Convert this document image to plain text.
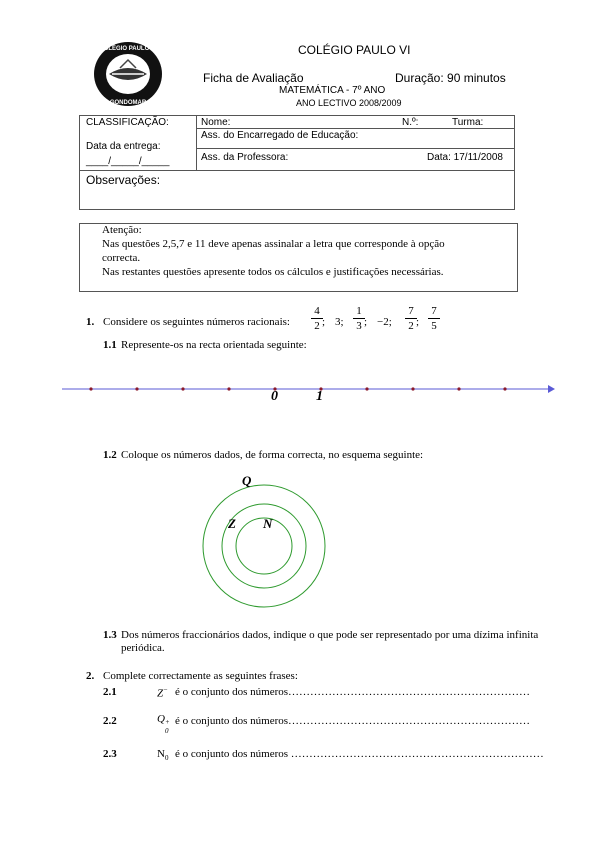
COLÉGIO PAULO VI
GONDOMAR
COLÉGIO PAULO VI
Ficha de Avaliação	Duração: 90 minutos
MATEMÁTICA - 7º ANO
ANO LECTIVO 2008/2009
CLASSIFICAÇÃO:
Data da entrega:
____/_____/_____
Nome:	N.º:	Turma:
Ass. do Encarregado de Educação:
Ass. da Professora:	Data: 17/11/2008
Observações:
Atenção:
Nas questões 2,5,7 e 11 deve apenas assinalar a letra que corresponde à opção
correcta.
Nas restantes questões apresente todos os cálculos e justificações necessárias.
1. Considere os seguintes números racionais:
4
2 ; 3;
1
3 ; −2;
7
2 ;
7
5
1.1 Represente-os na recta orientada seguinte:
0	1
1.2 Coloque os números dados, de forma correcta, no esquema seguinte:
Q
Z N
1.3 Dos números fraccionários dados, indique o que pode ser representado por uma dízima infinita
periódica.
2. Complete correctamente as seguintes frases:
2.1	Z− é o conjunto dos números…………………………………………………………
2.2	Q +
0
é o conjunto dos números…………………………………………………………
2.3	$N_0$ é o conjunto dos números ……………………………………………………………
